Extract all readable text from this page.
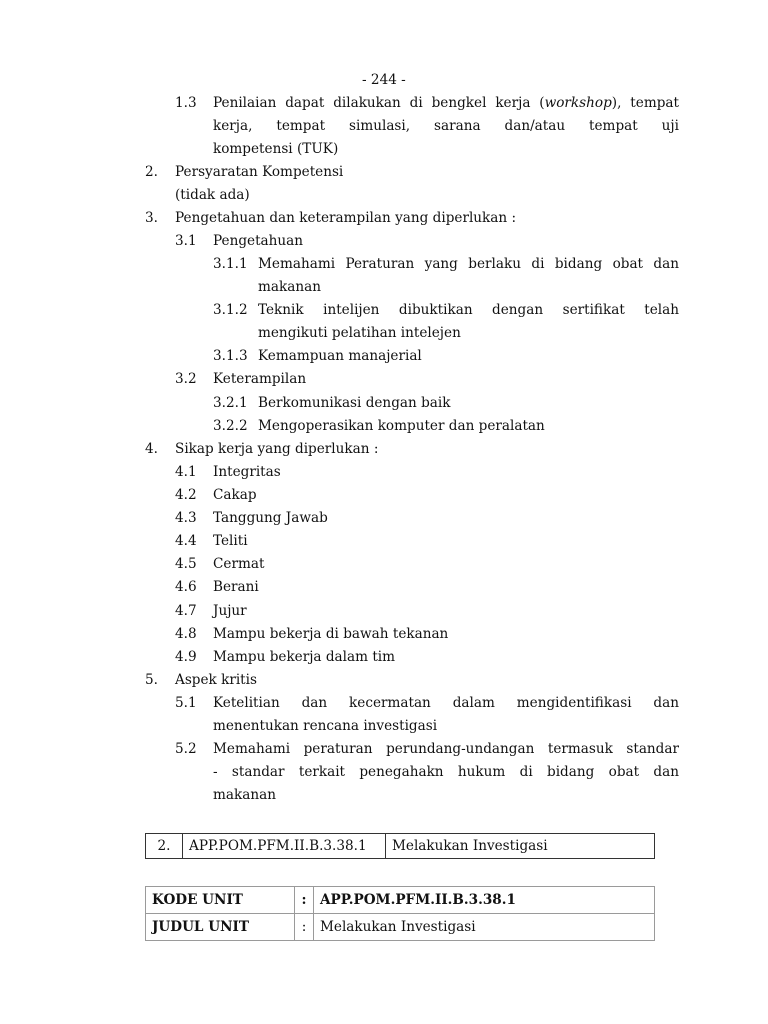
- 244 -
1.3 Penilaian dapat dilakukan di bengkel kerja (workshop), tempat
kerja, tempat simulasi, sarana dan/atau tempat uji
kompetensi (TUK)
2. Persyaratan Kompetensi
(tidak ada)
3. Pengetahuan dan keterampilan yang diperlukan :
3.1 Pengetahuan
3.1.1 Memahami Peraturan yang berlaku di bidang obat dan
makanan
3.1.2 Teknik intelijen dibuktikan dengan sertifikat telah
mengikuti pelatihan intelejen
3.1.3 Kemampuan manajerial
3.2 Keterampilan
3.2.1 Berkomunikasi dengan baik
3.2.2 Mengoperasikan komputer dan peralatan
4. Sikap kerja yang diperlukan :
4.1 Integritas
4.2 Cakap
4.3 Tanggung Jawab
4.4 Teliti
4.5 Cermat
4.6 Berani
4.7 Jujur
4.8 Mampu bekerja di bawah tekanan
4.9 Mampu bekerja dalam tim
5. Aspek kritis
5.1 Ketelitian dan kecermatan dalam mengidentifikasi dan
menentukan rencana investigasi
5.2 Memahami peraturan perundang-undangan termasuk standar
- standar terkait penegahakn hukum di bidang obat dan
makanan
2.	APP.POM.PFM.II.B.3.38.1	Melakukan Investigasi
KODE UNIT	:	APP.POM.PFM.II.B.3.38.1
JUDUL UNIT	:	Melakukan Investigasi
